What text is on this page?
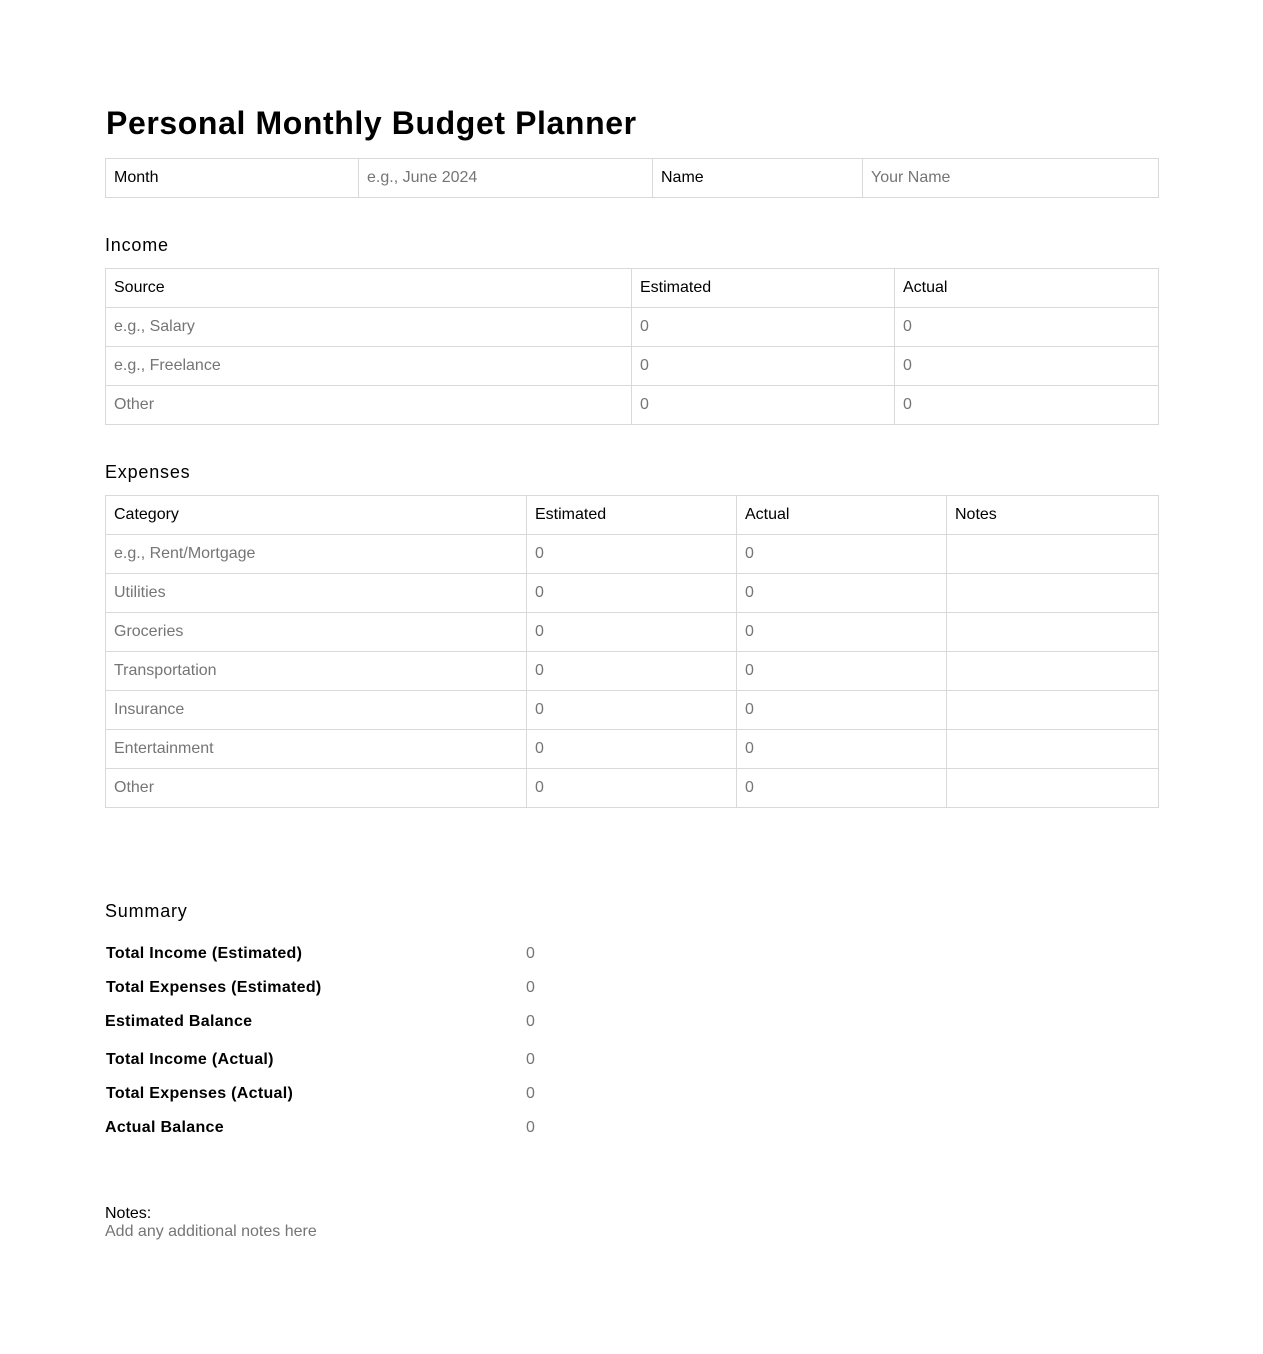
Personal Monthly Budget Planner
Month	e.g., June 2024	Name	Your Name
Income
Source	Estimated	Actual
e.g., Salary	0	0
e.g., Freelance	0	0
Other	0	0
Expenses
Category	Estimated	Actual	Notes
e.g., Rent/Mortgage	0	0	
Utilities	0	0	
Groceries	0	0	
Transportation	0	0	
Insurance	0	0	
Entertainment	0	0	
Other	0	0	
Summary
Total Income (Estimated)	0
Total Expenses (Estimated)	0
Estimated Balance	0
Total Income (Actual)	0
Total Expenses (Actual)	0
Actual Balance	0
Notes:
Add any additional notes here
